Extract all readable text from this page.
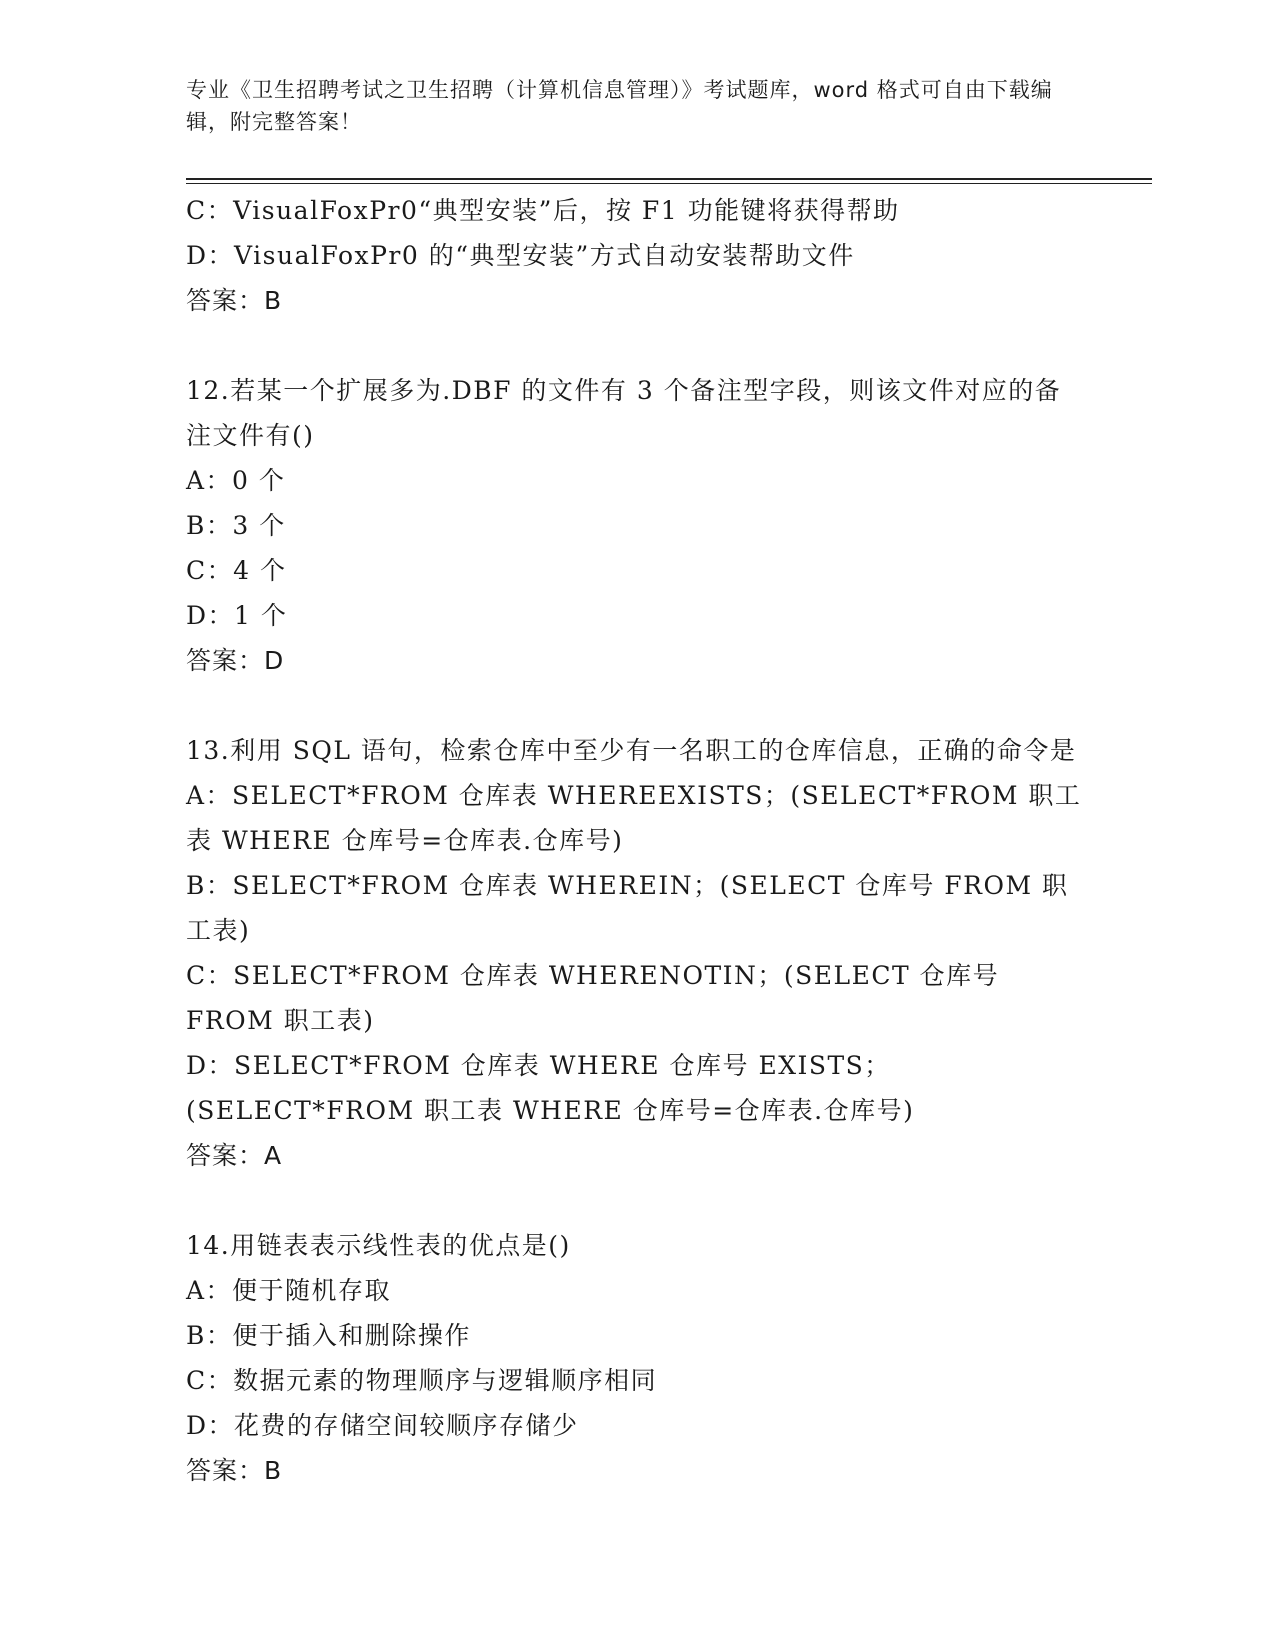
专业《卫生招聘考试之卫生招聘（计算机信息管理）》考试题库，word 格式可自由下载编辑，附完整答案！

C：VisualFoxPr0“典型安装”后，按 F1 功能键将获得帮助

D：VisualFoxPr0 的“典型安装”方式自动安装帮助文件

答案：B

12.若某一个扩展多为.DBF 的文件有 3 个备注型字段，则该文件对应的备注文件有()

A：0 个

B：3 个

C：4 个

D：1 个

答案：D

13.利用 SQL 语句，检索仓库中至少有一名职工的仓库信息，正确的命令是

A：SELECT*FROM 仓库表 WHEREEXISTS；(SELECT*FROM 职工表 WHERE 仓库号=仓库表.仓库号)

B：SELECT*FROM 仓库表 WHEREIN；(SELECT 仓库号 FROM 职工表)

C：SELECT*FROM 仓库表 WHERENOTIN；(SELECT 仓库号 FROM 职工表)

D：SELECT*FROM 仓库表 WHERE 仓库号 EXISTS；(SELECT*FROM 职工表 WHERE 仓库号=仓库表.仓库号)

答案：A

14.用链表表示线性表的优点是()

A：便于随机存取

B：便于插入和删除操作

C：数据元素的物理顺序与逻辑顺序相同

D：花费的存储空间较顺序存储少

答案：B
